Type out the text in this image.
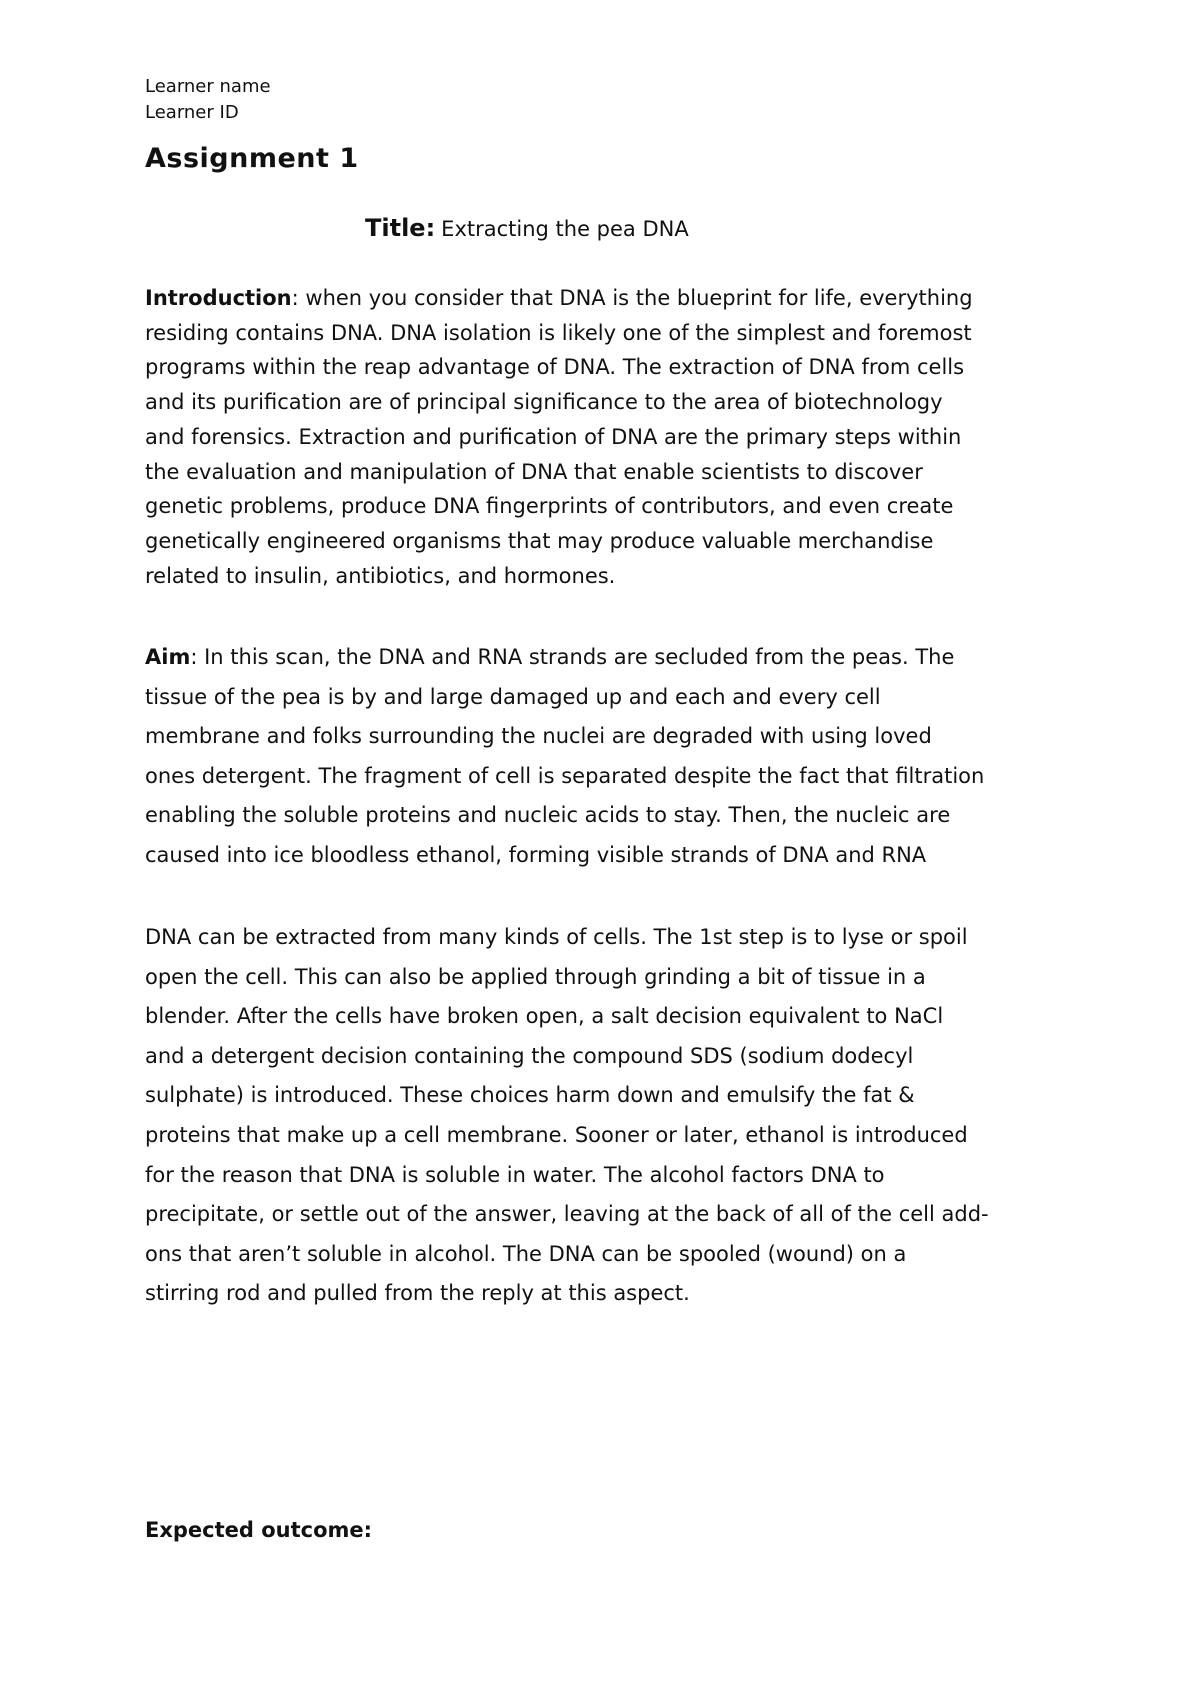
Learner name
Learner ID
Assignment 1
Title: Extracting the pea DNA
Introduction: when you consider that DNA is the blueprint for life, everything
residing contains DNA. DNA isolation is likely one of the simplest and foremost
programs within the reap advantage of DNA. The extraction of DNA from cells
and its purification are of principal significance to the area of biotechnology
and forensics. Extraction and purification of DNA are the primary steps within
the evaluation and manipulation of DNA that enable scientists to discover
genetic problems, produce DNA fingerprints of contributors, and even create
genetically engineered organisms that may produce valuable merchandise
related to insulin, antibiotics, and hormones.
Aim: In this scan, the DNA and RNA strands are secluded from the peas. The
tissue of the pea is by and large damaged up and each and every cell
membrane and folks surrounding the nuclei are degraded with using loved
ones detergent. The fragment of cell is separated despite the fact that filtration
enabling the soluble proteins and nucleic acids to stay. Then, the nucleic are
caused into ice bloodless ethanol, forming visible strands of DNA and RNA
DNA can be extracted from many kinds of cells. The 1st step is to lyse or spoil
open the cell. This can also be applied through grinding a bit of tissue in a
blender. After the cells have broken open, a salt decision equivalent to NaCl
and a detergent decision containing the compound SDS (sodium dodecyl
sulphate) is introduced. These choices harm down and emulsify the fat &
proteins that make up a cell membrane. Sooner or later, ethanol is introduced
for the reason that DNA is soluble in water. The alcohol factors DNA to
precipitate, or settle out of the answer, leaving at the back of all of the cell add-
ons that aren’t soluble in alcohol. The DNA can be spooled (wound) on a
stirring rod and pulled from the reply at this aspect.
Expected outcome:
